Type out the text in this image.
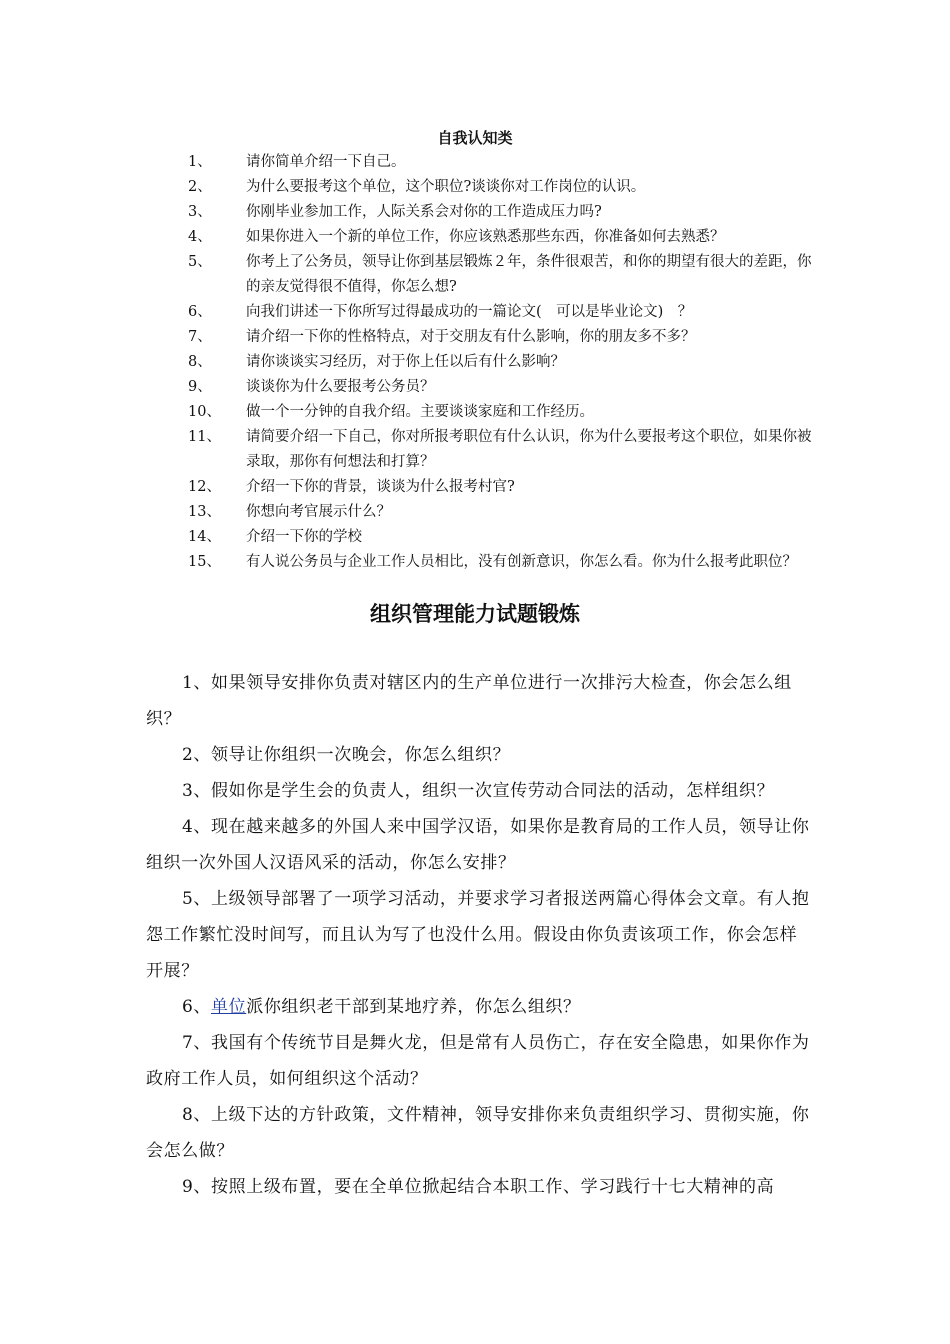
自我认知类
1、 请你简单介绍一下自己。
2、 为什么要报考这个单位，这个职位?谈谈你对工作岗位的认识。
3、 你刚毕业参加工作，人际关系会对你的工作造成压力吗?
4、 如果你进入一个新的单位工作，你应该熟悉那些东西，你准备如何去熟悉？
5、 你考上了公务员，领导让你到基层锻炼２年，条件很艰苦，和你的期望有很大的差距，你的亲友觉得很不值得，你怎么想?
6、 向我们讲述一下你所写过得最成功的一篇论文(　可以是毕业论文)　？
7、 请介绍一下你的性格特点，对于交朋友有什么影响，你的朋友多不多？
8、 请你谈谈实习经历，对于你上任以后有什么影响？
9、 谈谈你为什么要报考公务员？
10、 做一个一分钟的自我介绍。主要谈谈家庭和工作经历。
11、 请简要介绍一下自己，你对所报考职位有什么认识，你为什么要报考这个职位，如果你被录取，那你有何想法和打算？
12、 介绍一下你的背景，谈谈为什么报考村官?
13、 你想向考官展示什么？
14、 介绍一下你的学校
15、 有人说公务员与企业工作人员相比，没有创新意识，你怎么看。你为什么报考此职位？
组织管理能力试题锻炼

1、如果领导安排你负责对辖区内的生产单位进行一次排污大检查，你会怎么组织？

2、领导让你组织一次晚会，你怎么组织？

3、假如你是学生会的负责人，组织一次宣传劳动合同法的活动，怎样组织？

4、现在越来越多的外国人来中国学汉语，如果你是教育局的工作人员，领导让你组织一次外国人汉语风采的活动，你怎么安排？

5、上级领导部署了一项学习活动，并要求学习者报送两篇心得体会文章。有人抱怨工作繁忙没时间写，而且认为写了也没什么用。假设由你负责该项工作，你会怎样开展？

6、单位派你组织老干部到某地疗养，你怎么组织？

7、我国有个传统节目是舞火龙，但是常有人员伤亡，存在安全隐患，如果你作为政府工作人员，如何组织这个活动？

8、上级下达的方针政策，文件精神，领导安排你来负责组织学习、贯彻实施，你会怎么做？

9、按照上级布置，要在全单位掀起结合本职工作、学习践行十七大精神的高
